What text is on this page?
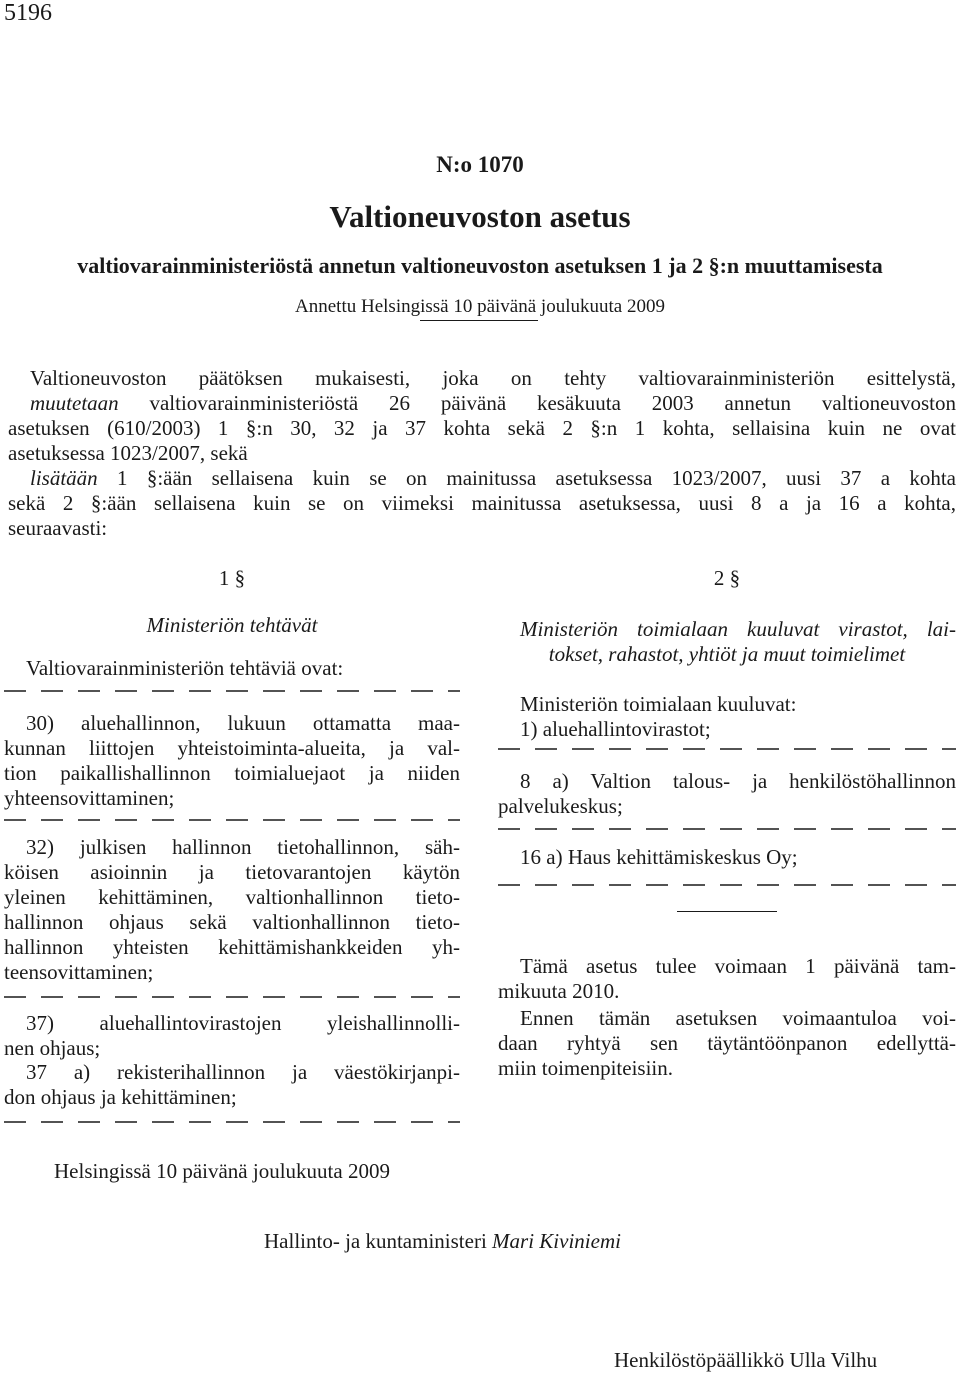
5196
N:o 1070
Valtioneuvoston asetus
valtiovarainministeriöstä annetun valtioneuvoston asetuksen 1 ja 2 §:n muuttamisesta
Annettu Helsingissä 10 päivänä joulukuuta 2009
Valtioneuvoston päätöksen mukaisesti, joka on tehty valtiovarainministeriön esittelystä,
muutetaan valtiovarainministeriöstä 26 päivänä kesäkuuta 2003 annetun valtioneuvoston
asetuksen (610/2003) 1 §:n 30, 32 ja 37 kohta sekä 2 §:n 1 kohta, sellaisina kuin ne ovat
asetuksessa 1023/2007, sekä
lisätään 1 §:ään sellaisena kuin se on mainitussa asetuksessa 1023/2007, uusi 37 a kohta
sekä 2 §:ään sellaisena kuin se on viimeksi mainitussa asetuksessa, uusi 8 a ja 16 a kohta,
seuraavasti:
1 §
Ministeriön tehtävät
Valtiovarainministeriön tehtäviä ovat:
30) aluehallinnon, lukuun ottamatta maa-
kunnan liittojen yhteistoiminta-alueita, ja val-
tion paikallishallinnon toimialuejaot ja niiden
yhteensovittaminen;
32) julkisen hallinnon tietohallinnon, säh-
köisen asioinnin ja tietovarantojen käytön
yleinen kehittäminen, valtionhallinnon tieto-
hallinnon ohjaus sekä valtionhallinnon tieto-
hallinnon yhteisten kehittämishankkeiden yh-
teensovittaminen;
37) aluehallintovirastojen yleishallinnolli-
nen ohjaus;
37 a) rekisterihallinnon ja väestökirjanpi-
don ohjaus ja kehittäminen;
2 §
Ministeriön toimialaan kuuluvat virastot, lai-
tokset, rahastot, yhtiöt ja muut toimielimet
Ministeriön toimialaan kuuluvat:
1) aluehallintovirastot;
8 a) Valtion talous- ja henkilöstöhallinnon
palvelukeskus;
16 a) Haus kehittämiskeskus Oy;
Tämä asetus tulee voimaan 1 päivänä tam-
mikuuta 2010.
Ennen tämän asetuksen voimaantuloa voi-
daan ryhtyä sen täytäntöönpanon edellyttä-
miin toimenpiteisiin.
Helsingissä 10 päivänä joulukuuta 2009
Hallinto- ja kuntaministeri Mari Kiviniemi
Henkilöstöpäällikkö Ulla Vilhu
